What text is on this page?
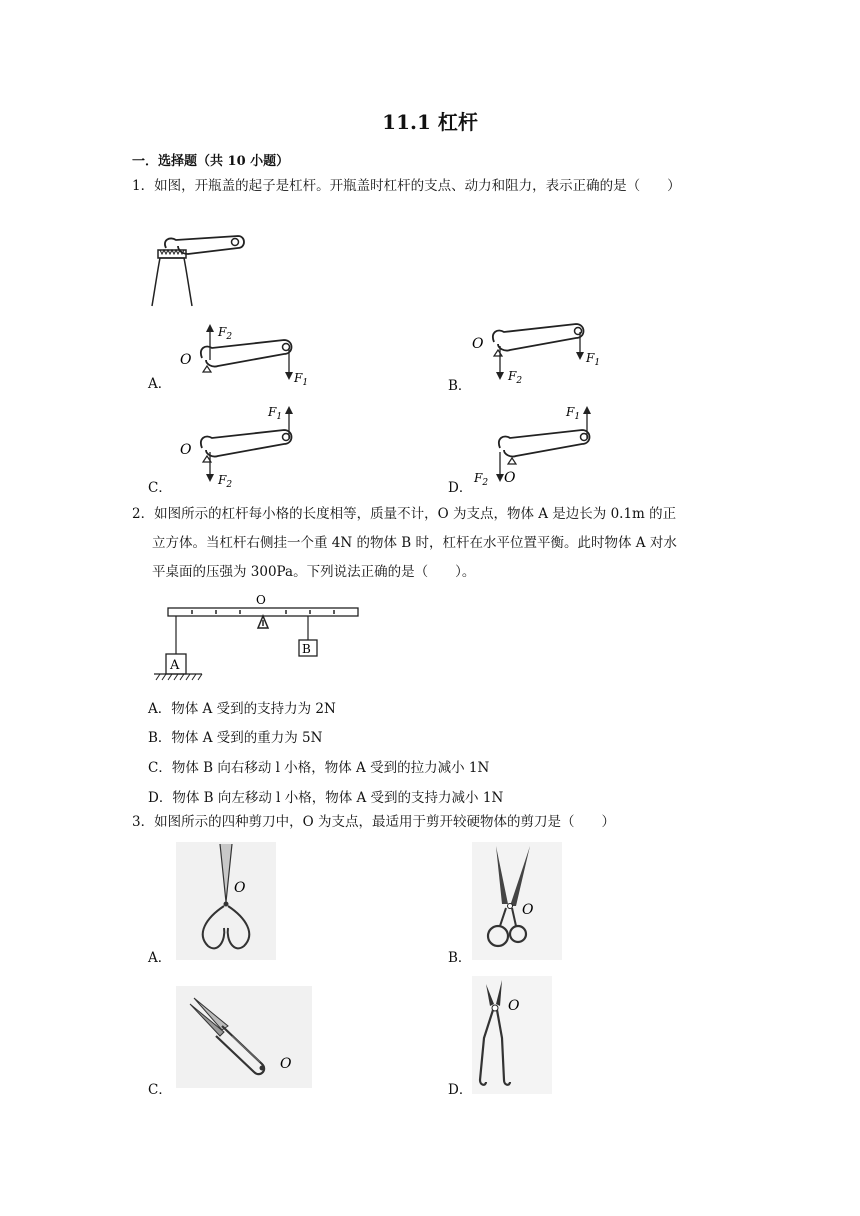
11.1 杠杆
一．选择题（共 10 小题）
1．如图，开瓶盖的起子是杠杆。开瓶盖时杠杆的支点、动力和阻力，表示正确的是（　　）
A．
O
$F_2$
$F_1$	B．
O
$F_2$
$F_1$
C．
O
$F_2$
$F_1$
D．
O
$F_2$
$F_1$
2．如图所示的杠杆每小格的长度相等，质量不计，O 为支点，物体 A 是边长为 0.1m 的正
立方体。当杠杆右侧挂一个重 4N 的物体 B 时，杠杆在水平位置平衡。此时物体 A 对水
平桌面的压强为 300Pa。下列说法正确的是（　　）。
O
A
B
A．物体 A 受到的支持力为 2N
B．物体 A 受到的重力为 5N
C．物体 B 向右移动 l 小格，物体 A 受到的拉力减小 1N
D．物体 B 向左移动 l 小格，物体 A 受到的支持力减小 1N
3．如图所示的四种剪刀中，O 为支点，最适用于剪开较硬物体的剪刀是（　　）
A．
O
B．
O
C．
O
D．
O
